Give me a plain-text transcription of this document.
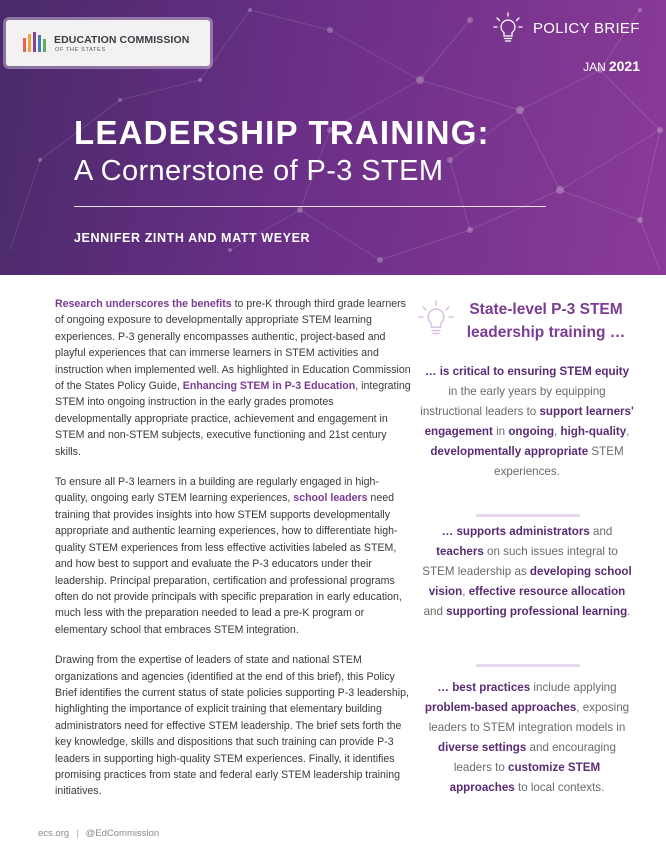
EDUCATION COMMISSION
OF THE STATES
POLICY BRIEF
JAN 2021
LEADERSHIP TRAINING:
A Cornerstone of P-3 STEM
JENNIFER ZINTH AND MATT WEYER

Research underscores the benefits to pre-K through third grade learners of ongoing exposure to developmentally appropriate STEM learning experiences. P-3 generally encompasses authentic, project-based and playful experiences that can immerse learners in STEM activities and instruction when implemented well. As highlighted in Education Commission of the States Policy Guide, Enhancing STEM in P-3 Education, integrating STEM into ongoing instruction in the early grades promotes developmentally appropriate practice, achievement and engagement in STEM and non-STEM subjects, executive functioning and 21st century skills.

To ensure all P-3 learners in a building are regularly engaged in high-quality, ongoing early STEM learning experiences, school leaders need training that provides insights into how STEM supports developmentally appropriate and authentic learning experiences, how to differentiate high-quality STEM experiences from less effective activities labeled as STEM, and how best to support and evaluate the P-3 educators under their leadership. Principal preparation, certification and professional programs often do not provide principals with specific preparation in early education, much less with the preparation needed to lead a pre-K program or elementary school that embraces STEM integration.

Drawing from the expertise of leaders of state and national STEM organizations and agencies (identified at the end of this brief), this Policy Brief identifies the current status of state policies supporting P-3 leadership, highlighting the importance of explicit training that elementary building administrators need for effective STEM leadership. The brief sets forth the key knowledge, skills and dispositions that such training can provide P-3 leaders in supporting high-quality STEM experiences. Finally, it identifies promising practices from state and federal early STEM leadership training initiatives.

State-level P-3 STEM leadership training …
… is critical to ensuring STEM equity in the early years by equipping instructional leaders to support learners' engagement in ongoing, high-quality, developmentally appropriate STEM experiences.
… supports administrators and teachers on such issues integral to STEM leadership as developing school vision, effective resource allocation and supporting professional learning.
… best practices include applying problem-based approaches, exposing leaders to STEM integration models in diverse settings and encouraging leaders to customize STEM approaches to local contexts.
ecs.org | @EdCommission
